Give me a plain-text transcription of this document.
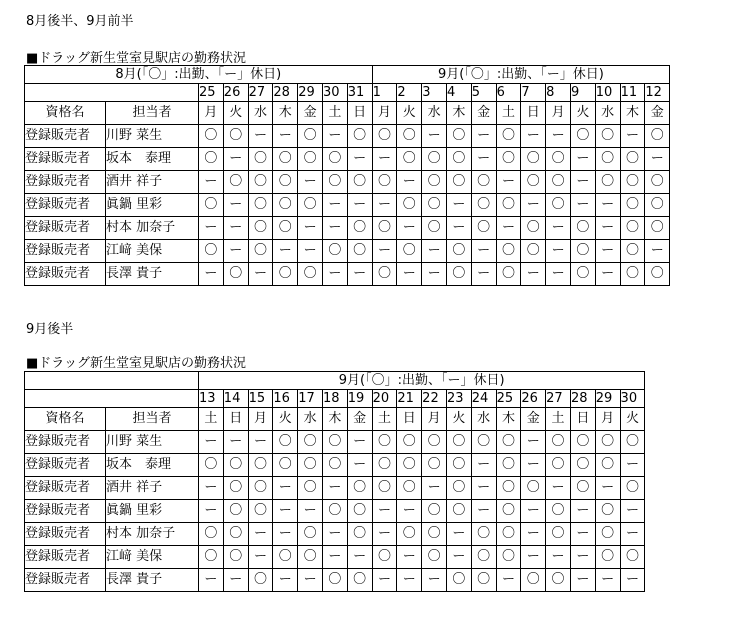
8月後半、9月前半
■ドラッグ新生堂室見駅店の勤務状況
8月(「〇」:出勤、「ー」休日)									9月(「〇」:出勤、「ー」休日)											
		25	26	27	28	29	30	31	1	2	3	4	5	6	7	8	9	10	11	12
資格名	担当者	月	火	水	木	金	土	日	月	火	水	木	金	土	日	月	火	水	木	金
登録販売者	川野 菜生	〇	〇	ー	ー	〇	ー	〇	〇	〇	ー	〇	ー	〇	ー	ー	〇	〇	ー	〇
登録販売者	坂本　泰理	〇	ー	〇	〇	〇	〇	ー	ー	〇	〇	〇	ー	〇	〇	〇	ー	〇	〇	ー
登録販売者	酒井 祥子	ー	〇	〇	〇	ー	〇	〇	〇	ー	〇	〇	〇	ー	〇	〇	ー	〇	〇	〇
登録販売者	眞鍋 里彩	〇	ー	〇	〇	〇	ー	ー	ー	〇	〇	ー	〇	〇	ー	〇	ー	ー	〇	〇
登録販売者	村本 加奈子	ー	ー	〇	〇	ー	ー	〇	〇	ー	〇	ー	〇	ー	〇	ー	〇	ー	〇	〇
登録販売者	江﨑 美保	〇	ー	〇	ー	ー	〇	〇	ー	〇	ー	〇	ー	〇	〇	ー	〇	ー	〇	ー
登録販売者	長澤 貴子	ー	〇	ー	〇	〇	ー	ー	〇	ー	ー	〇	ー	〇	ー	ー	〇	ー	〇	〇
9月後半
■ドラッグ新生堂室見駅店の勤務状況
		9月(「〇」:出勤、「ー」休日)																	
		13	14	15	16	17	18	19	20	21	22	23	24	25	26	27	28	29	30
資格名	担当者	土	日	月	火	水	木	金	土	日	月	火	水	木	金	土	日	月	火
登録販売者	川野 菜生	ー	ー	ー	〇	〇	〇	ー	〇	〇	〇	〇	〇	〇	ー	〇	〇	〇	〇
登録販売者	坂本　泰理	〇	〇	〇	〇	〇	〇	ー	〇	〇	〇	〇	ー	〇	ー	〇	〇	〇	ー
登録販売者	酒井 祥子	ー	〇	〇	ー	〇	ー	〇	〇	〇	ー	〇	ー	〇	〇	ー	〇	ー	〇
登録販売者	眞鍋 里彩	ー	〇	〇	ー	ー	〇	〇	ー	ー	〇	〇	ー	〇	ー	〇	ー	〇	ー
登録販売者	村本 加奈子	〇	〇	ー	ー	〇	ー	〇	ー	〇	〇	ー	〇	〇	ー	〇	ー	〇	ー
登録販売者	江﨑 美保	〇	〇	ー	〇	〇	ー	ー	〇	ー	〇	ー	〇	〇	ー	ー	ー	〇	〇
登録販売者	長澤 貴子	ー	ー	〇	ー	ー	〇	〇	ー	ー	ー	〇	〇	ー	〇	〇	ー	ー	ー
